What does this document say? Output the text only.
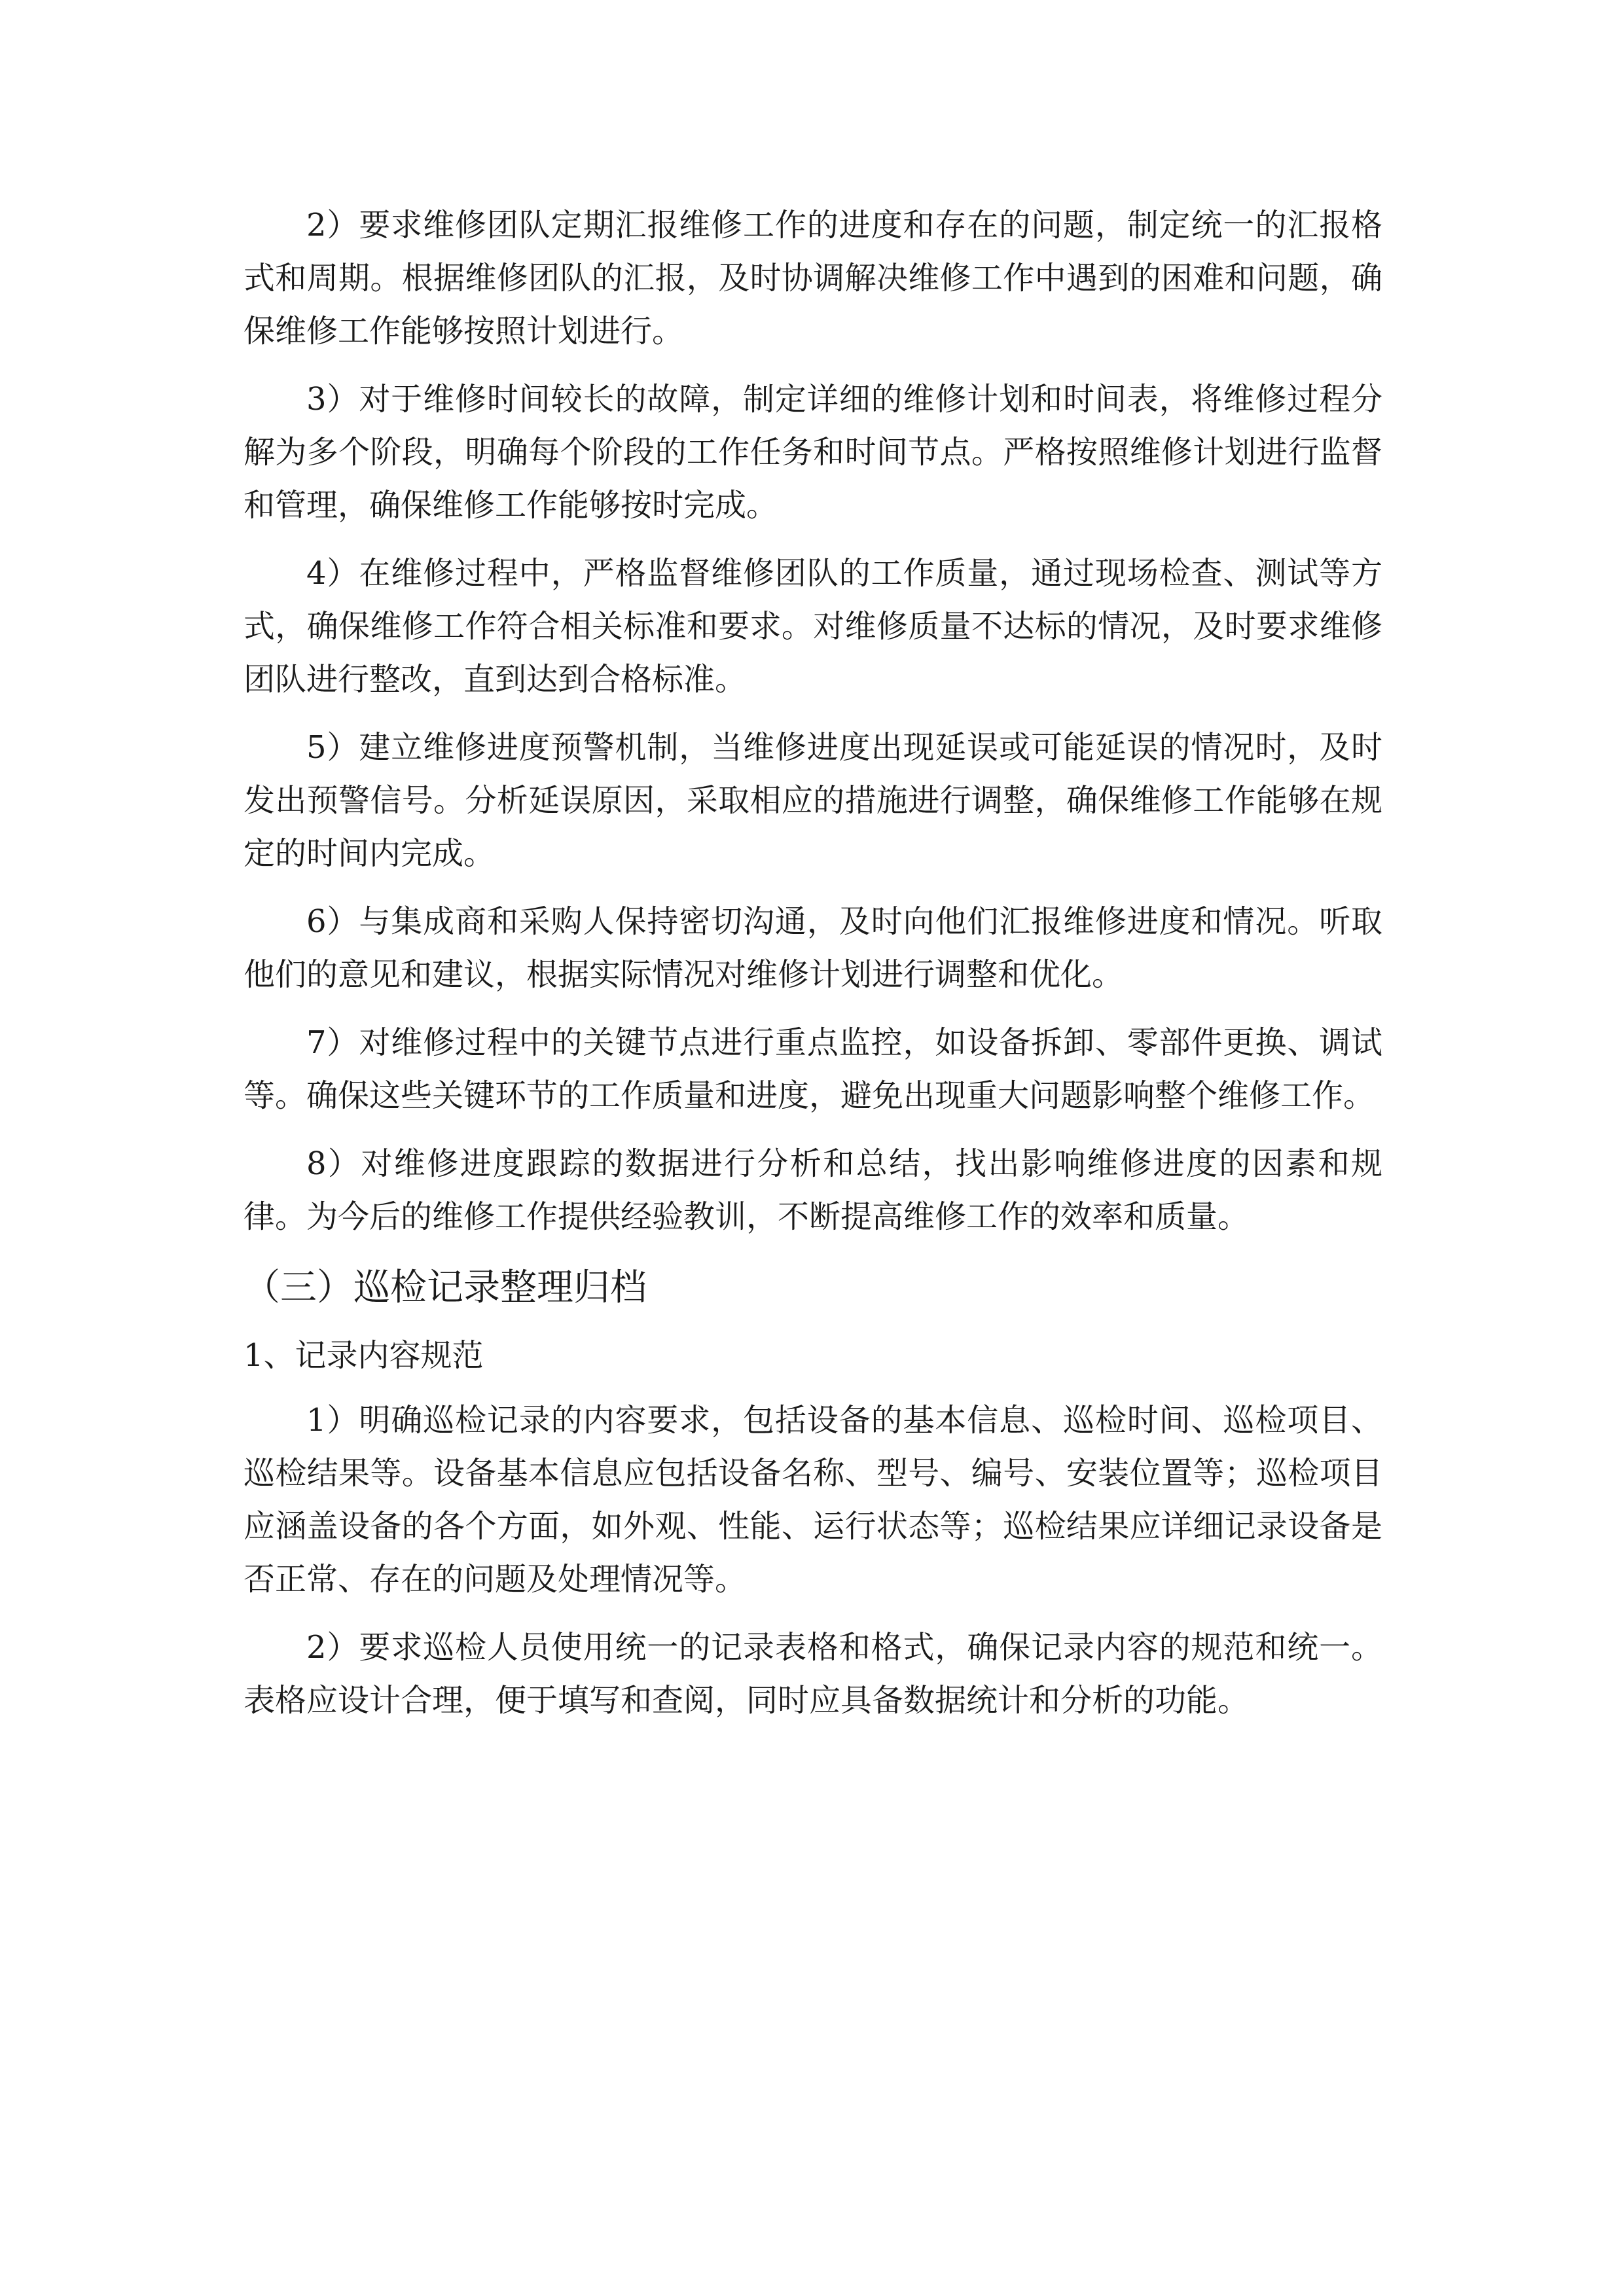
2）要求维修团队定期汇报维修工作的进度和存在的问题，制定统一的汇报格式和周期。根据维修团队的汇报，及时协调解决维修工作中遇到的困难和问题，确保维修工作能够按照计划进行。

3）对于维修时间较长的故障，制定详细的维修计划和时间表，将维修过程分解为多个阶段，明确每个阶段的工作任务和时间节点。严格按照维修计划进行监督和管理，确保维修工作能够按时完成。

4）在维修过程中，严格监督维修团队的工作质量，通过现场检查、测试等方式，确保维修工作符合相关标准和要求。对维修质量不达标的情况，及时要求维修团队进行整改，直到达到合格标准。

5）建立维修进度预警机制，当维修进度出现延误或可能延误的情况时，及时发出预警信号。分析延误原因，采取相应的措施进行调整，确保维修工作能够在规定的时间内完成。

6）与集成商和采购人保持密切沟通，及时向他们汇报维修进度和情况。听取他们的意见和建议，根据实际情况对维修计划进行调整和优化。

7）对维修过程中的关键节点进行重点监控，如设备拆卸、零部件更换、调试等。确保这些关键环节的工作质量和进度，避免出现重大问题影响整个维修工作。

8）对维修进度跟踪的数据进行分析和总结，找出影响维修进度的因素和规律。为今后的维修工作提供经验教训，不断提高维修工作的效率和质量。

（三）巡检记录整理归档
1、记录内容规范

1）明确巡检记录的内容要求，包括设备的基本信息、巡检时间、巡检项目、巡检结果等。设备基本信息应包括设备名称、型号、编号、安装位置等；巡检项目应涵盖设备的各个方面，如外观、性能、运行状态等；巡检结果应详细记录设备是否正常、存在的问题及处理情况等。

2）要求巡检人员使用统一的记录表格和格式，确保记录内容的规范和统一。表格应设计合理，便于填写和查阅，同时应具备数据统计和分析的功能。
